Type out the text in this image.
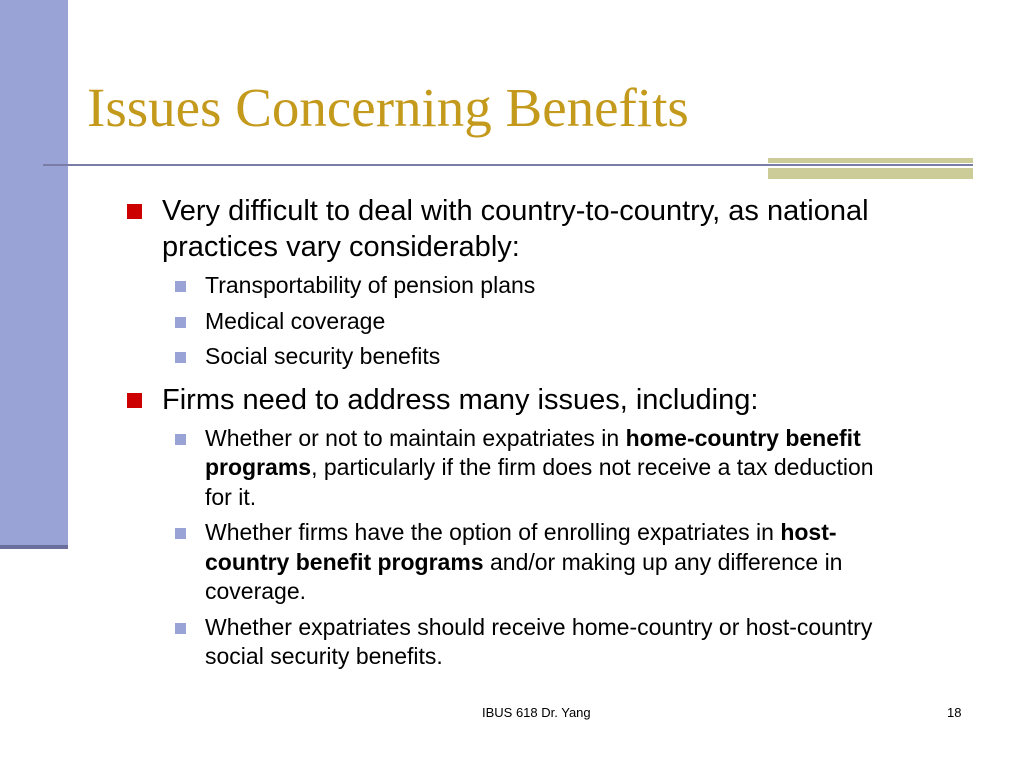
Issues Concerning Benefits
Very difficult to deal with country-to-country, as national practices vary considerably:
Transportability of pension plans
Medical coverage
Social security benefits
Firms need to address many issues, including:
Whether or not to maintain expatriates in home-country benefit programs, particularly if the firm does not receive a tax deduction for it.
Whether firms have the option of enrolling expatriates in host-country benefit programs and/or making up any difference in coverage.
Whether expatriates should receive home-country or host-country social security benefits.
IBUS 618 Dr. Yang	18
